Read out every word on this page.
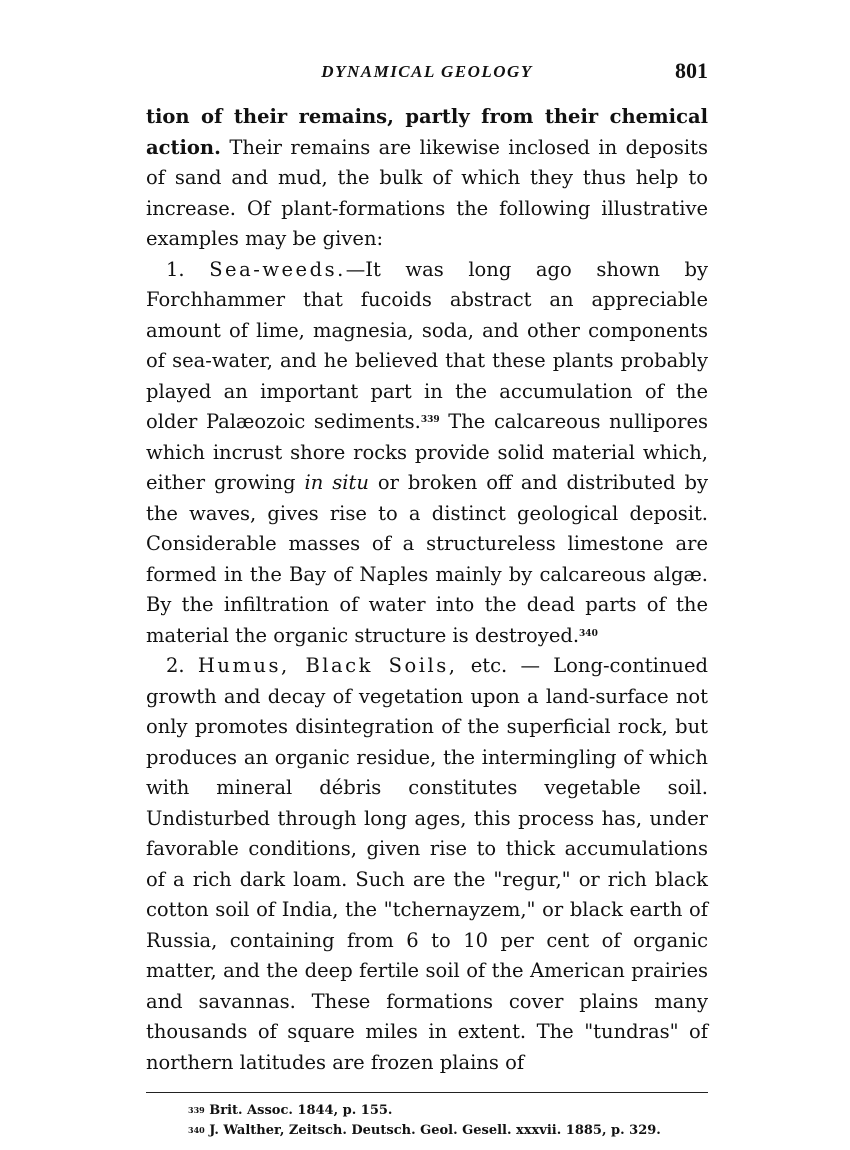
DYNAMICAL GEOLOGY	801

tion of their remains, partly from their chemical action. Their remains are likewise inclosed in deposits of sand and mud, the bulk of which they thus help to increase. Of plant-formations the following illustrative examples may be given:

1. Sea-weeds.—It was long ago shown by Forchhammer that fucoids abstract an appreciable amount of lime, magnesia, soda, and other components of sea-water, and he believed that these plants probably played an important part in the accumulation of the older Palæozoic sediments.$^{339}$ The calcareous nullipores which incrust shore rocks provide solid material which, either growing in situ or broken off and distributed by the waves, gives rise to a distinct geological deposit. Considerable masses of a structureless limestone are formed in the Bay of Naples mainly by calcareous algæ. By the infiltration of water into the dead parts of the material the organic structure is destroyed.$^{340}$

2. Humus, Black Soils, etc. — Long-continued growth and decay of vegetation upon a land-surface not only promotes disintegration of the superficial rock, but produces an organic residue, the intermingling of which with mineral débris constitutes vegetable soil. Undisturbed through long ages, this process has, under favorable conditions, given rise to thick accumulations of a rich dark loam. Such are the "regur," or rich black cotton soil of India, the "tchernayzem," or black earth of Russia, containing from 6 to 10 per cent of organic matter, and the deep fertile soil of the American prairies and savannas. These formations cover plains many thousands of square miles in extent. The "tundras" of northern latitudes are frozen plains of

$^{339}$ Brit. Assoc. 1844, p. 155.
$^{340}$ J. Walther, Zeitsch. Deutsch. Geol. Gesell. xxxvii. 1885, p. 329.
